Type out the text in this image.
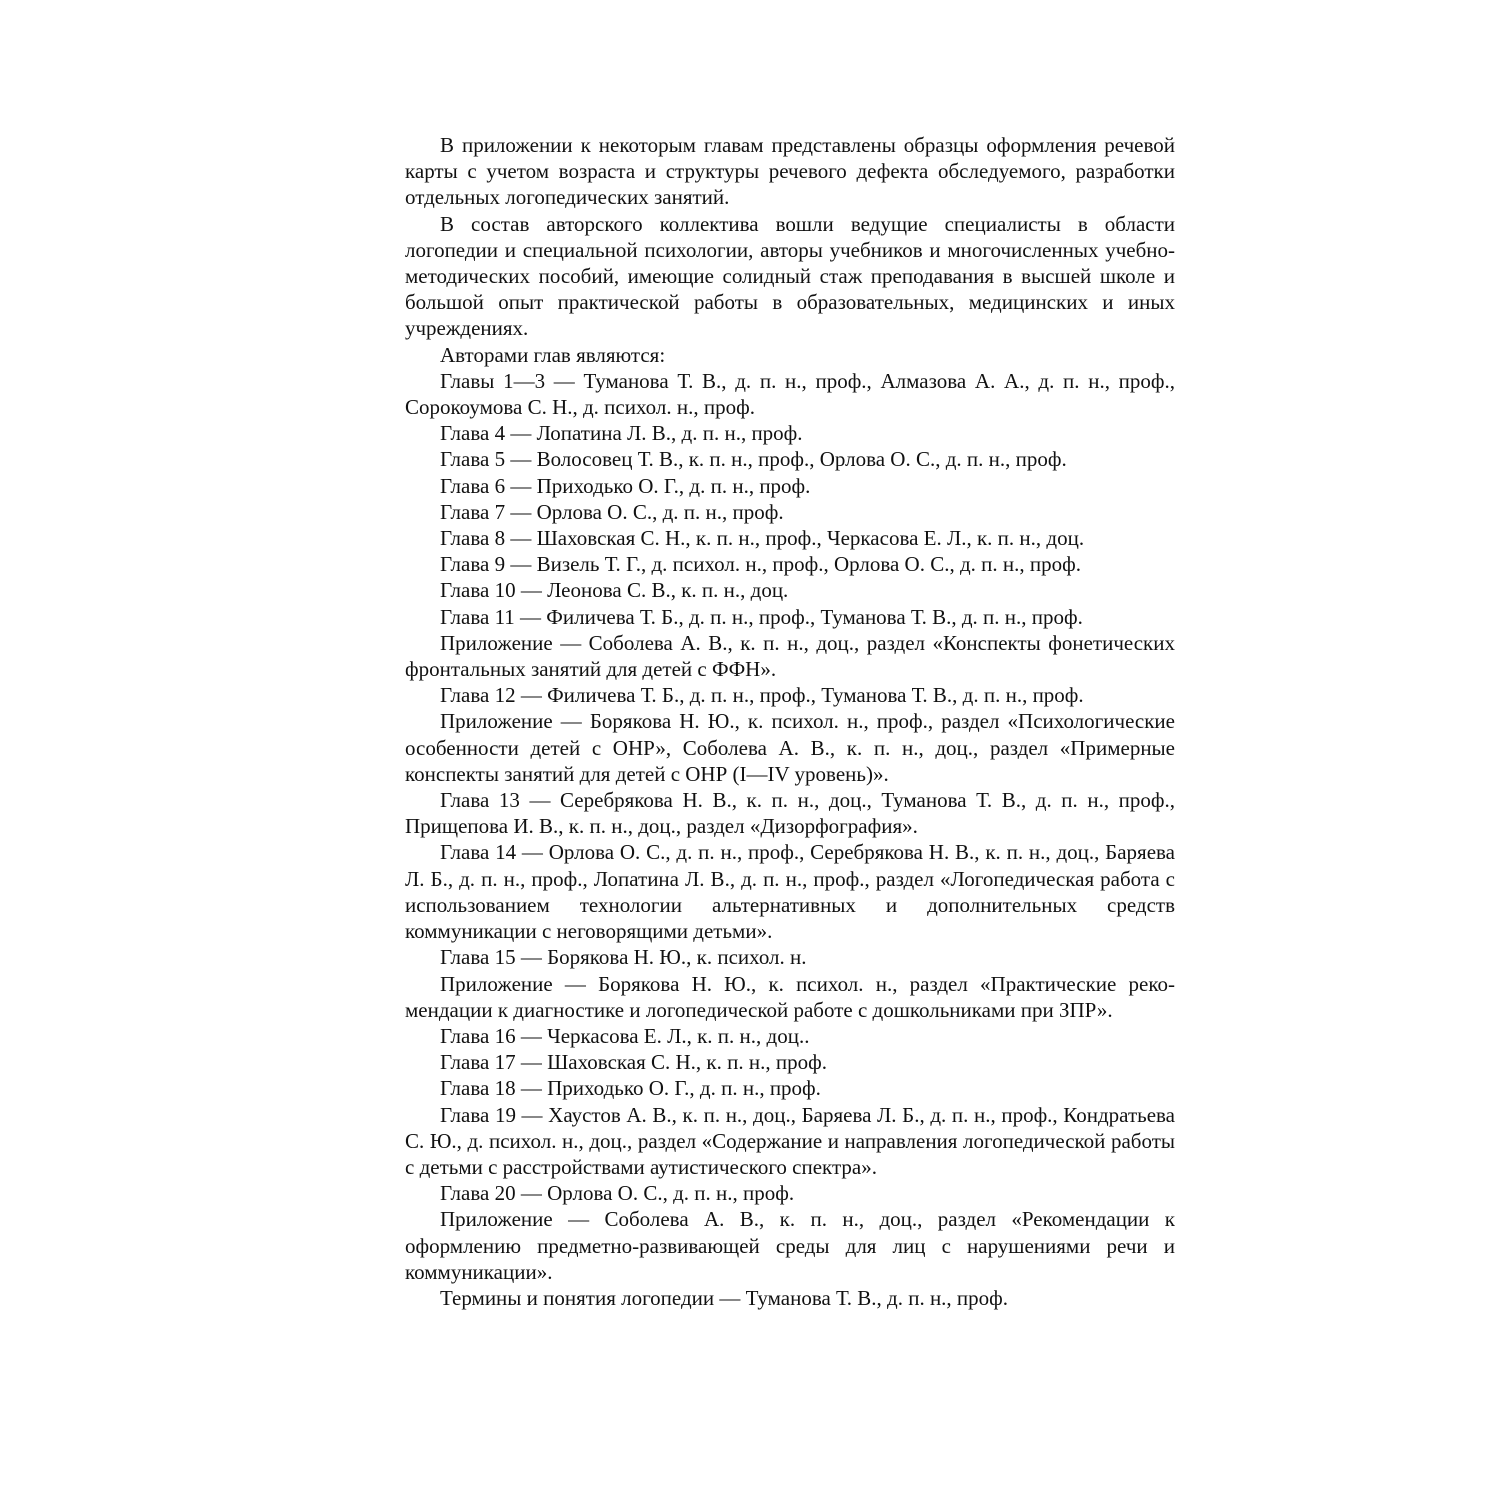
В приложении к некоторым главам представлены образцы оформления речевой карты с учетом возраста и структуры речевого дефекта обследуемого, разработки отдельных логопедических занятий.

В состав авторского коллектива вошли ведущие специалисты в области логопедии и специальной психологии, авторы учебников и многочисленных учебно-методических пособий, имеющие солидный стаж преподавания в высшей школе и большой опыт практической работы в образовательных, медицинских и иных учреждениях.

Авторами глав являются:

Главы 1—3 — Туманова Т. В., д. п. н., проф., Алмазова А. А., д. п. н., проф., Сорокоумова С. Н., д. психол. н., проф.

Глава 4 — Лопатина Л. В., д. п. н., проф.

Глава 5 — Волосовец Т. В., к. п. н., проф., Орлова О. С., д. п. н., проф.

Глава 6 — Приходько О. Г., д. п. н., проф.

Глава 7 — Орлова О. С., д. п. н., проф.

Глава 8 — Шаховская С. Н., к. п. н., проф., Черкасова Е. Л., к. п. н., доц.

Глава 9 — Визель Т. Г., д. психол. н., проф., Орлова О. С., д. п. н., проф.

Глава 10 — Леонова С. В., к. п. н., доц.

Глава 11 — Филичева Т. Б., д. п. н., проф., Туманова Т. В., д. п. н., проф.

Приложение — Соболева А. В., к. п. н., доц., раздел «Конспекты фонетических фронтальных занятий для детей с ФФН».

Глава 12 — Филичева Т. Б., д. п. н., проф., Туманова Т. В., д. п. н., проф.

Приложение — Борякова Н. Ю., к. психол. н., проф., раздел «Психологические особенности детей с ОНР», Соболева А. В., к. п. н., доц., раздел «Примерные конспекты занятий для детей с ОНР (I—IV уровень)».

Глава 13 — Серебрякова Н. В., к. п. н., доц., Туманова Т. В., д. п. н., проф., Прищепова И. В., к. п. н., доц., раздел «Дизорфография».

Глава 14 — Орлова О. С., д. п. н., проф., Серебрякова Н. В., к. п. н., доц., Баряева Л. Б., д. п. н., проф., Лопатина Л. В., д. п. н., проф., раздел «Логопедическая работа с использованием технологии альтернативных и дополнительных средств коммуникации с неговорящими детьми».

Глава 15 — Борякова Н. Ю., к. психол. н.

Приложение — Борякова Н. Ю., к. психол. н., раздел «Практические рекомендации к диагностике и логопедической работе с дошкольниками при ЗПР».

Глава 16 — Черкасова Е. Л., к. п. н., доц..

Глава 17 — Шаховская С. Н., к. п. н., проф.

Глава 18 — Приходько О. Г., д. п. н., проф.

Глава 19 — Хаустов А. В., к. п. н., доц., Баряева Л. Б., д. п. н., проф., Кондратьева С. Ю., д. психол. н., доц., раздел «Содержание и направления логопедической работы с детьми с расстройствами аутистического спектра».

Глава 20 — Орлова О. С., д. п. н., проф.

Приложение — Соболева А. В., к. п. н., доц., раздел «Рекомендации к оформлению предметно-развивающей среды для лиц с нарушениями речи и коммуникации».

Термины и понятия логопедии — Туманова Т. В., д. п. н., проф.
